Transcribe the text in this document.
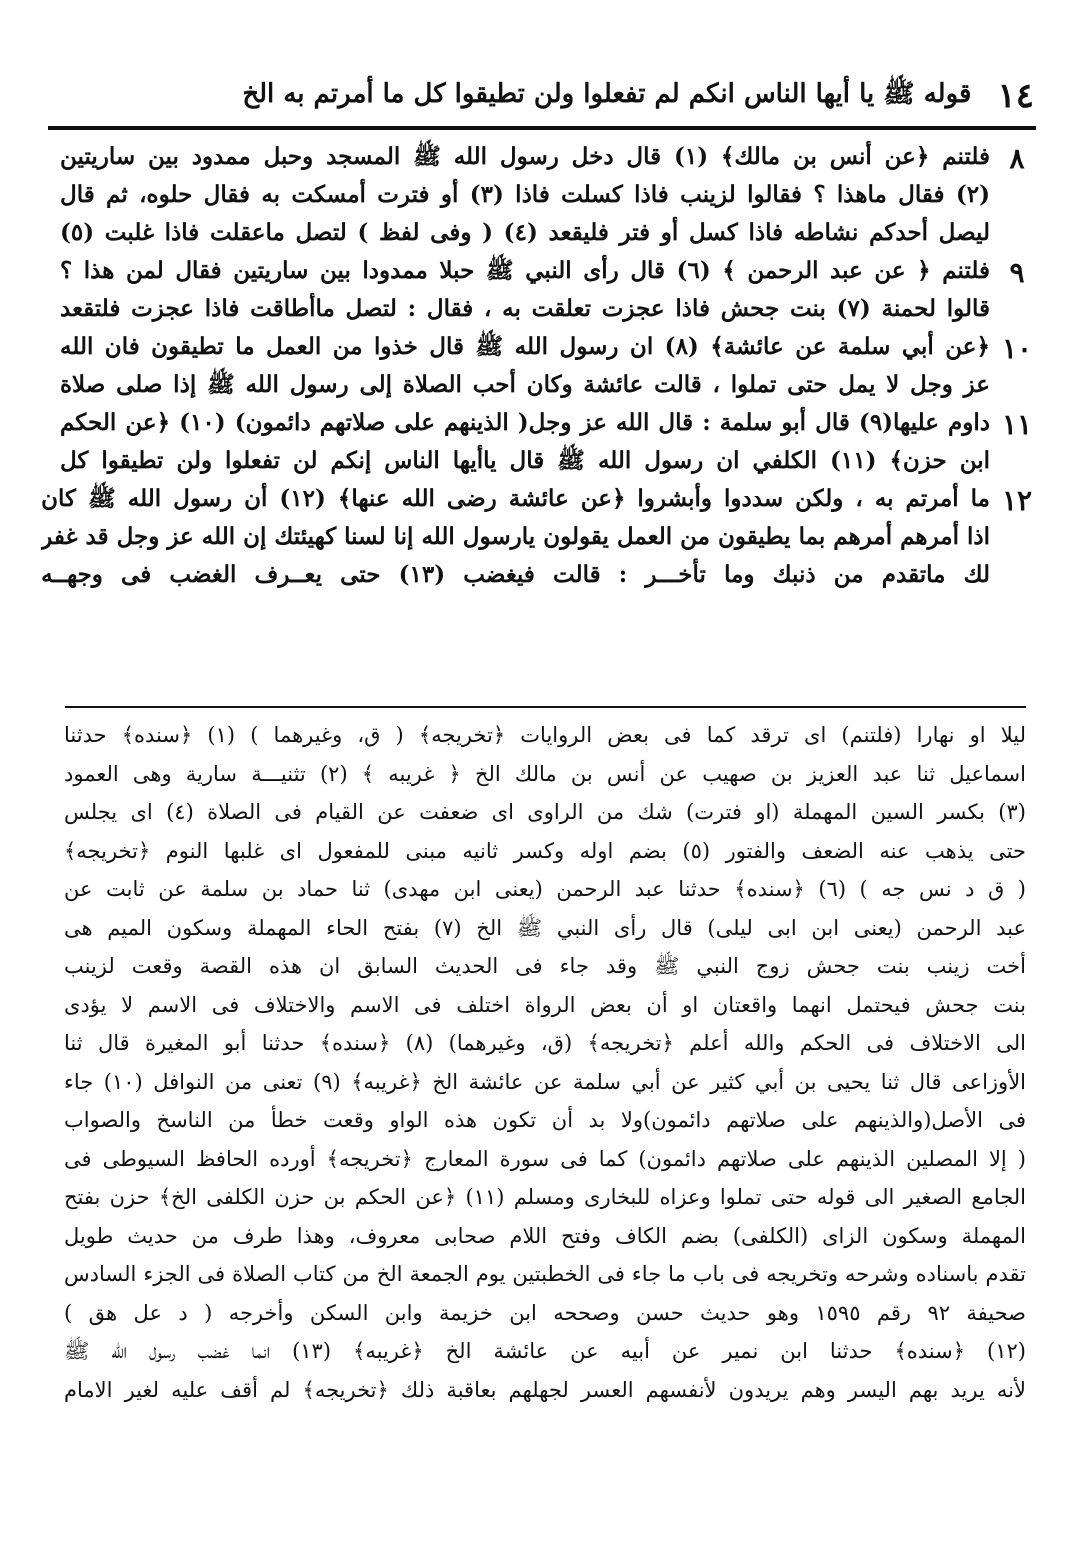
١٤
قوله ﷺ يا أيها الناس انكم لم تفعلوا ولن تطيقوا كل ما أمرتم به الخ
٨
فلتنم ﴿عن أنس بن مالك﴾ (١) قال دخل رسول الله ﷺ المسجد وحبل ممدود بين ساريتين
(٢) فقال ماهذا ؟ فقالوا لزينب فاذا كسلت فاذا (٣) أو فترت أمسكت به فقال حلوه، ثم قال
ليصل أحدكم نشاطه فاذا كسل أو فتر فليقعد (٤) ( وفى لفظ ) لتصل ماعقلت فاذا غلبت (٥)
٩
فلتنم ﴿ عن عبد الرحمن ﴾ (٦) قال رأى النبي ﷺ حبلا ممدودا بين ساريتين فقال لمن هذا ؟
قالوا لحمنة (٧) بنت جحش فاذا عجزت تعلقت به ، فقال : لتصل ماأطاقت فاذا عجزت فلتقعد
١٠
﴿عن أبي سلمة عن عائشة﴾ (٨) ان رسول الله ﷺ قال خذوا من العمل ما تطيقون فان الله
عز وجل لا يمل حتى تملوا ، قالت عائشة وكان أحب الصلاة إلى رسول الله ﷺ إذا صلى صلاة
١١
داوم عليها(٩) قال أبو سلمة : قال الله عز وجل( الذينهم على صلاتهم دائمون) (١٠) ﴿عن الحكم
ابن حزن﴾ (١١) الكلفي ان رسول الله ﷺ قال ياأيها الناس إنكم لن تفعلوا ولن تطيقوا كل
١٢
ما أمرتم به ، ولكن سددوا وأبشروا ﴿عن عائشة رضى الله عنها﴾ (١٢) أن رسول الله ﷺ كان
اذا أمرهم أمرهم بما يطيقون من العمل يقولون يارسول الله إنا لسنا كهيئتك إن الله عز وجل قد غفر
لك ماتقدم من ذنبك وما تأخـــر : قالت فيغضب (١٣) حتى يعــرف الغضب فى وجهــه
ليلا او نهارا (فلتنم) اى ترقد كما فى بعض الروايات ﴿تخريجه﴾ ( ق، وغيرهما ) (١) ﴿سنده﴾ حدثنا
اسماعيل ثنا عبد العزيز بن صهيب عن أنس بن مالك الخ ﴿ غريبه ﴾ (٢) تثنيـــة سارية وهى العمود
(٣) بكسر السين المهملة (او فترت) شك من الراوى اى ضعفت عن القيام فى الصلاة (٤) اى يجلس
حتى يذهب عنه الضعف والفتور (٥) بضم اوله وكسر ثانيه مبنى للمفعول اى غلبها النوم ﴿تخريجه﴾
( ق د نس جه ) (٦) ﴿سنده﴾ حدثنا عبد الرحمن (يعنى ابن مهدى) ثنا حماد بن سلمة عن ثابت عن
عبد الرحمن (يعنى ابن ابى ليلى) قال رأى النبي ﷺ الخ (٧) بفتح الحاء المهملة وسكون الميم هى
أخت زينب بنت جحش زوج النبي ﷺ وقد جاء فى الحديث السابق ان هذه القصة وقعت لزينب
بنت جحش فيحتمل انهما واقعتان او أن بعض الرواة اختلف فى الاسم والاختلاف فى الاسم لا يؤدى
الى الاختلاف فى الحكم والله أعلم ﴿تخريجه﴾ (ق، وغيرهما) (٨) ﴿سنده﴾ حدثنا أبو المغيرة قال ثنا
الأوزاعى قال ثنا يحيى بن أبي كثير عن أبي سلمة عن عائشة الخ ﴿غريبه﴾ (٩) تعنى من النوافل (١٠) جاء
فى الأصل(والذينهم على صلاتهم دائمون)ولا بد أن تكون هذه الواو وقعت خطأ من الناسخ والصواب
( إلا المصلين الذينهم على صلاتهم دائمون) كما فى سورة المعارج ﴿تخريجه﴾ أورده الحافظ السيوطى فى
الجامع الصغير الى قوله حتى تملوا وعزاه للبخارى ومسلم (١١) ﴿عن الحكم بن حزن الكلفى الخ﴾ حزن بفتح
المهملة وسكون الزاى (الكلفى) بضم الكاف وفتح اللام صحابى معروف، وهذا طرف من حديث طويل
تقدم باسناده وشرحه وتخريجه فى باب ما جاء فى الخطبتين يوم الجمعة الخ من كتاب الصلاة فى الجزء السادس
صحيفة ٩٢ رقم ١٥٩٥ وهو حديث حسن وصححه ابن خزيمة وابن السكن وأخرجه ( د عل هق )
(١٢) ﴿سنده﴾ حدثنا ابن نمير عن أبيه عن عائشة الخ ﴿غريبه﴾ (١٣) انما غضب رسول الله ﷺ
لأنه يريد بهم اليسر وهم يريدون لأنفسهم العسر لجهلهم بعاقبة ذلك ﴿تخريجه﴾ لم أقف عليه لغير الامام
